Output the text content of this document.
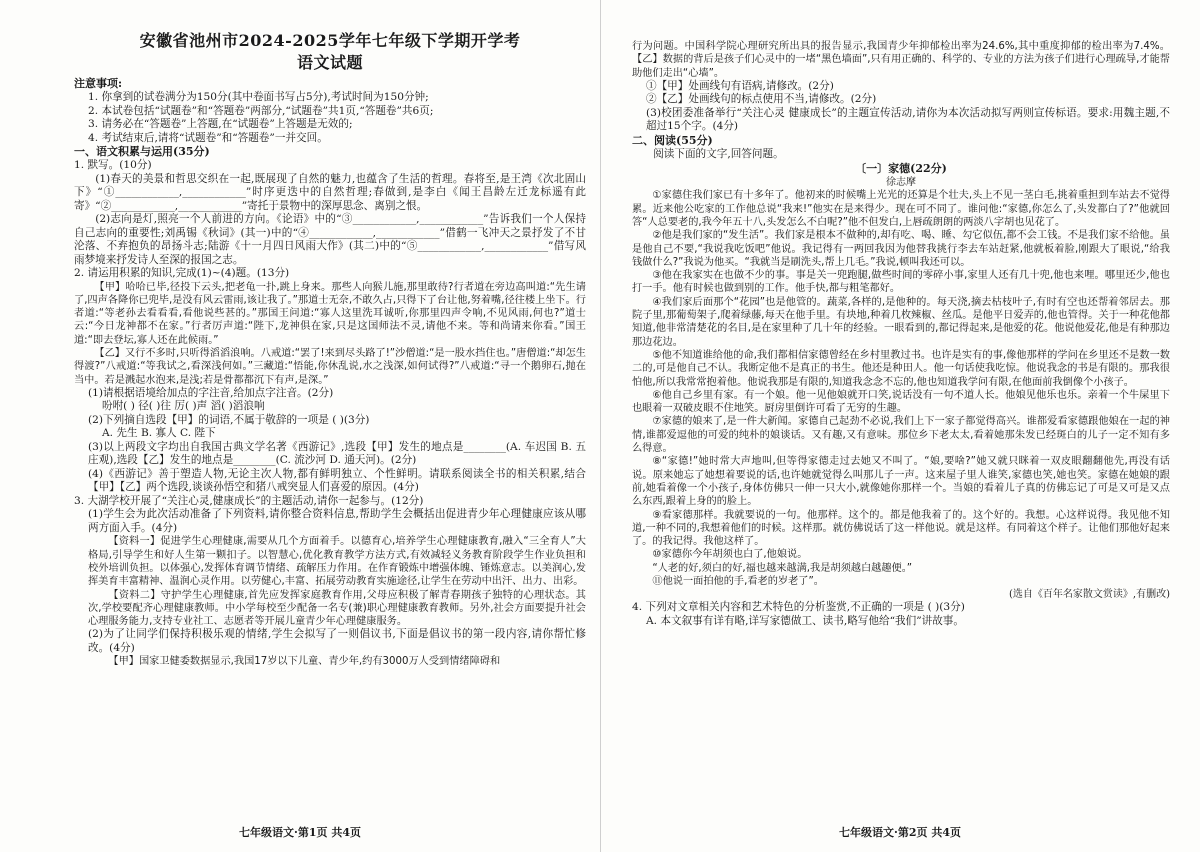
安徽省池州市2024-2025学年七年级下学期开学考
语文试题

注意事项:

1. 你拿到的试卷满分为150分(其中卷面书写占5分),考试时间为150分钟;

2. 本试卷包括“试题卷”和“答题卷”两部分,“试题卷”共1页,“答题卷”共6页;

3. 请务必在“答题卷”上答题,在“试题卷”上答题是无效的;

4. 考试结束后,请将“试题卷”和“答题卷”一并交回。

一、语文积累与运用(35分)

1. 默写。(10分)

(1)春天的美景和哲思交织在一起,既展现了自然的魅力,也蕴含了生活的哲理。春将至,是王湾《次北固山下》“①____________,____________”时序更迭中的自然哲理;春做到,是李白《闻王昌龄左迁龙标遥有此寄》“②____________,____________”寄托于景物中的深厚思念、离别之恨。

(2)志向是灯,照亮一个人前进的方向。《论语》中的“③____________,____________”告诉我们一个人保持自己志向的重要性;刘禹锡《秋词》(其一)中的“④____________,____________”借鹤一飞冲天之景抒发了不甘沦落、不弃抱负的昂扬斗志;陆游《十一月四日风雨大作》(其二)中的“⑤____________,____________”借写风雨梦境来抒发诗人至深的报国之志。

2. 请运用积累的知识,完成(1)~(4)题。(13分)

【甲】哈哈已毕,径投下云头,把老龟一扑,跳上身来。那些人向猴儿施,那里敢待?行者道在旁边高叫道:“先生请了,四声各降你已兜毕,是没有风云雷雨,该让我了。”那道士无奈,不敢久占,只得下了台让他,努着嘴,径往楼上坐下。行者道:“等老孙去看看看,看他说些甚的。”那国王问道:“寡人这里洗耳诚听,你那里四声令响,不见风雨,何也?”道士云:“今日龙神都不在家。”行者厉声道:“陛下,龙神俱在家,只是这国师法不灵,请他不来。等和尚请来你看。”国王道:“即去登坛,寡人还在此候雨。”

【乙】又行不多时,只听得滔滔浪响。八戒道:“罢了!来到尽头路了!”沙僧道:“是一股水挡住也。”唐僧道:“却怎生得渡?”八戒道:“等我试之,看深浅何如。”三藏道:“悟能,你休乱说,水之浅深,如何试得?”八戒道:“寻一个鹅卵石,抛在当中。若是溅起水泡来,是浅;若是骨都都沉下有声,是深。”

(1)请根据语境给加点的字注音,给加点字注音。(2分)

吩咐( ) 径( )往 厉( )声 滔( )滔浪响

(2)下列摘自选段【甲】的词语,不属于敬辞的一项是 ( )(3分)

A. 先生 B. 寡人 C. 陛下

(3)以上两段文字均出自我国古典文学名著《西游记》,选段【甲】发生的地点是________(A. 车迟国 B. 五庄观),选段【乙】发生的地点是________(C. 流沙河 D. 通天河)。(2分)

(4)《西游记》善于塑造人物,无论主次人物,都有鲜明独立、个性鲜明。请联系阅读全书的相关积累,结合【甲】【乙】两个选段,谈谈孙悟空和猪八戒突显人们喜爱的原因。(4分)

3. 大湖学校开展了“关注心灵,健康成长”的主题活动,请你一起参与。(12分)

(1)学生会为此次活动准备了下列资料,请你整合资料信息,帮助学生会概括出促进青少年心理健康应该从哪两方面入手。(4分)

【资料一】促进学生心理健康,需要从几个方面着手。以德育心,培养学生心理健康教育,融入“三全育人”大格局,引导学生和好人生第一颗扣子。以智慧心,优化教育教学方法方式,有效减轻义务教育阶段学生作业负担和校外培训负担。以体强心,发挥体育调节情绪、疏解压力作用。在作育锻炼中增强体魄、锤炼意志。以美润心,发挥美育丰富精神、温润心灵作用。以劳健心,丰富、拓展劳动教育实施途径,让学生在劳动中出汗、出力、出彩。

【资料二】守护学生心理健康,首先应发挥家庭教育作用,父母应积极了解青春期孩子独特的心理状态。其次,学校要配齐心理健康教师。中小学每校至少配备一名专(兼)职心理健康教育教师。另外,社会方面要提升社会心理服务能力,支持专业社工、志愿者等开展儿童青少年心理健康服务。

(2)为了让同学们保持积极乐观的情绪,学生会拟写了一则倡议书,下面是倡议书的第一段内容,请你帮忙修改。(4分)

【甲】国家卫健委数据显示,我国17岁以下儿童、青少年,约有3000万人受到情绪障碍和

七年级语文·第1页 共4页

行为问题。中国科学院心理研究所出具的报告显示,我国青少年抑郁检出率为24.6%,其中重度抑郁的检出率为7.4%。【乙】数据的背后是孩子们心灵中的一堵“黑色墙面”,只有用正确的、科学的、专业的方法为孩子们进行心理疏导,才能帮助他们走出“心墙”。

①【甲】处画线句有语病,请修改。(2分)

②【乙】处画线句的标点使用不当,请修改。(2分)

(3)校团委准备举行“关注心灵 健康成长”的主题宣传活动,请你为本次活动拟写两则宣传标语。要求:用魏主题,不超过15个字。(4分)

二、阅读(55分)

阅读下面的文字,回答问题。

〔一〕家德(22分)
徐志摩

①家德住我们家已有十多年了。他初来的时候嘴上光光的还算是个壮夫,头上不见一茎白毛,挑着重担到车站去不觉得累。近来他公吃家的工作他总说“我来!”他实在是来得少。现在可不同了。谁问他:“家德,你怎么了,头发都白了?”他就回答“人总要老的,我今年五十八,头发怎么不白呢?”他不但发白,上唇疏朗朗的两淡八字胡也见花了。

②他是我们家的“发生活”。我们家是根本不做种的,却有吃、喝、睡、勾它似伍,都不会工钱。不是我们家不给他。虽是他自己不要,“我说我吃饭吧”他说。我记得有一两回我因为他替我挑行李去车站赶紧,他就板着脸,刚跟大了眼说,“给我钱做什么?”我说为他买。“我就当是刷洗头,帮上几毛。”我说,顿叫我还可以。

③他在我家实在也做不少的事。事是关一兜跑腿,做些时间的零碎小事,家里人还有几十兜,他也来哩。哪里还少,他也打一手。他有时候也做到别的工作。他手快,都与粗笔都好。

④我们家后面那个“花园”也是他管的。蔬菜,各样的,是他种的。每天浇,摘去枯枝叶子,有时有空也还帮着邻居去。那院子里,那葡萄架子,爬着绿藤,每天在他手里。有块地,种着几枚辣椒、丝瓜。是他平日爱弄的,他也管得。关于一种花他都知道,他非常清楚花的名目,是在家里种了几十年的经验。一眼看到的,都记得起来,是他爱的花。他说他爱花,他是有种那边那边花边。

⑤他不知道谁给他的命,我们都相信家德曾经在乡村里教过书。也许是实有的事,像他那样的学问在乡里还不是数一数二的,可是他自己不认。我断定他不是真正的书生。他还是种田人。他一句话使我吃惊。他说我念的书是有限的。那我很怕他,所以我常常抱着他。他说我那是有限的,知道我念念不忘的,他也知道我学问有限,在他面前我倒像个小孩子。

⑥他自己乡里有家。有一个娘。他一见他娘就开口笑,说话没有一句不道人长。他娘见他乐也乐。亲着一个牛屎里下也眼着一双破皮眼不住地笑。厨房里倒许可看了无穷的生趣。

⑦家德的娘来了,是一件大新闻。家德自己起劲不必说,我们上下一家子都觉得高兴。谁都爱看家德跟他娘在一起的神情,谁都爱逗他的可爱的纯朴的娘谈话。又有趣,又有意味。那位乡下老太太,看着她那朱发已经斑白的儿子一定不知有多么得意。

⑧“家德!”她时常大声地叫,但等得家德走过去她又不叫了。“娘,要啥?”她又就只眯着一双皮眼翻翻他先,再没有话说。原来她忘了她想着要说的话,也许她就觉得么叫那儿子一声。这来屋子里人谁笑,家德也笑,她也笑。家德在她娘的跟前,她看着像一个小孩子,身体仿佛只一伸一只大小,就像她你那样一个。当娘的看着儿子真的仿佛忘记了可是又可是又点么东西,跟着上身的的脸上。

⑨看家德那样。我就要说的一句。他那样。这个的。都是他我着了的。这个好的。我想。心这样说得。我见他不知道,一种不同的,我想着他们的时候。这样那。就仿佛说话了这一样他说。就是这样。有同着这个样子。让他们那他好起来了。的我记得。我他这样了。

⑩家德你今年胡须也白了,他娘说。

“人老的好,须白的好,福也越来越满,我是胡须越白越趣便。”

⑪他说一面拍他的手,看老的岁老了”。

(选自《百年名家散文赏读》,有删改)

4. 下列对文章相关内容和艺术特色的分析鉴赏,不正确的一项是 ( )(3分)

A. 本文叙事有详有略,详写家德做工、读书,略写他给“我们”讲故事。

七年级语文·第2页 共4页
